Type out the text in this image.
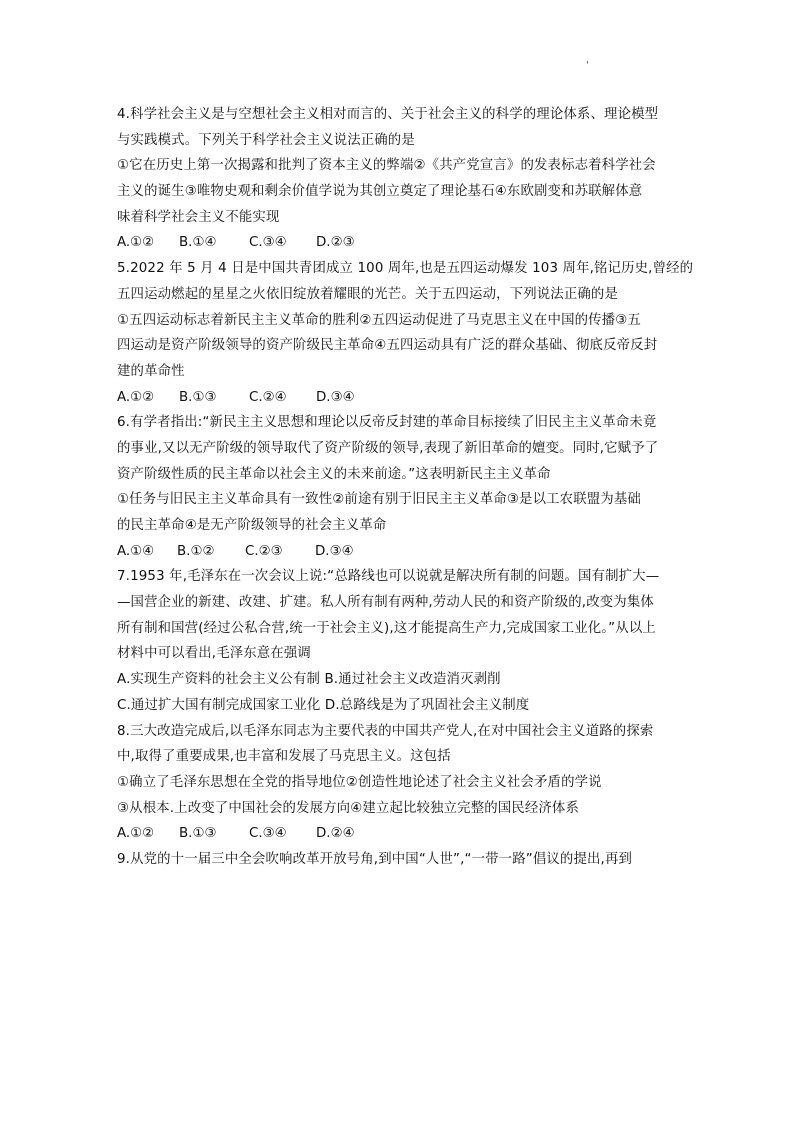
'
4.科学社会主义是与空想社会主义相对而言的、关于社会主义的科学的理论体系、理论模型
与实践模式。下列关于科学社会主义说法正确的是
①它在历史上第一次揭露和批判了资本主义的弊端②《共产党宣言》的发表标志着科学社会
主义的诞生③唯物史观和剩余价值学说为其创立奠定了理论基石④东欧剧变和苏联解体意
味着科学社会主义不能实现
A.①② B.①④ C.③④ D.②③
5.2022 年 5 月 4 日是中国共青团成立 100 周年,也是五四运动爆发 103 周年,铭记历史,曾经的
五四运动燃起的星星之火依旧绽放着耀眼的光芒。关于五四运动，下列说法正确的是
①五四运动标志着新民主主义革命的胜利②五四运动促进了马克思主义在中国的传播③五
四运动是资产阶级领导的资产阶级民主革命④五四运动具有广泛的群众基础、彻底反帝反封
建的革命性
A.①② B.①③ C.②④ D.③④
6.有学者指出:“新民主主义思想和理论以反帝反封建的革命目标接续了旧民主主义革命未竟
的事业,又以无产阶级的领导取代了资产阶级的领导,表现了新旧革命的嬗变。同时,它赋予了
资产阶级性质的民主革命以社会主义的未来前途。”这表明新民主主义革命
①任务与旧民主主义革命具有一致性②前途有别于旧民主主义革命③是以工农联盟为基础
的民主革命④是无产阶级领导的社会主义革命
A.①④ B.①② C.②③ D.③④
7.1953 年,毛泽东在一次会议上说:“总路线也可以说就是解决所有制的问题。国有制扩大—
—国营企业的新建、改建、扩建。私人所有制有两种,劳动人民的和资产阶级的,改变为集体
所有制和国营(经过公私合营,统一于社会主义),这才能提高生产力,完成国家工业化。”从以上
材料中可以看出,毛泽东意在强调
A.实现生产资料的社会主义公有制 B.通过社会主义改造消灭剥削
C.通过扩大国有制完成国家工业化 D.总路线是为了巩固社会主义制度
8.三大改造完成后,以毛泽东同志为主要代表的中国共产党人,在对中国社会主义道路的探索
中,取得了重要成果,也丰富和发展了马克思主义。这包括
①确立了毛泽东思想在全党的指导地位②创造性地论述了社会主义社会矛盾的学说
③从根本.上改变了中国社会的发展方向④建立起比较独立完整的国民经济体系
A.①② B.①③ C.③④ D.②④
9.从党的十一届三中全会吹响改革开放号角,到中国“人世”,“一带一路”倡议的提出,再到
